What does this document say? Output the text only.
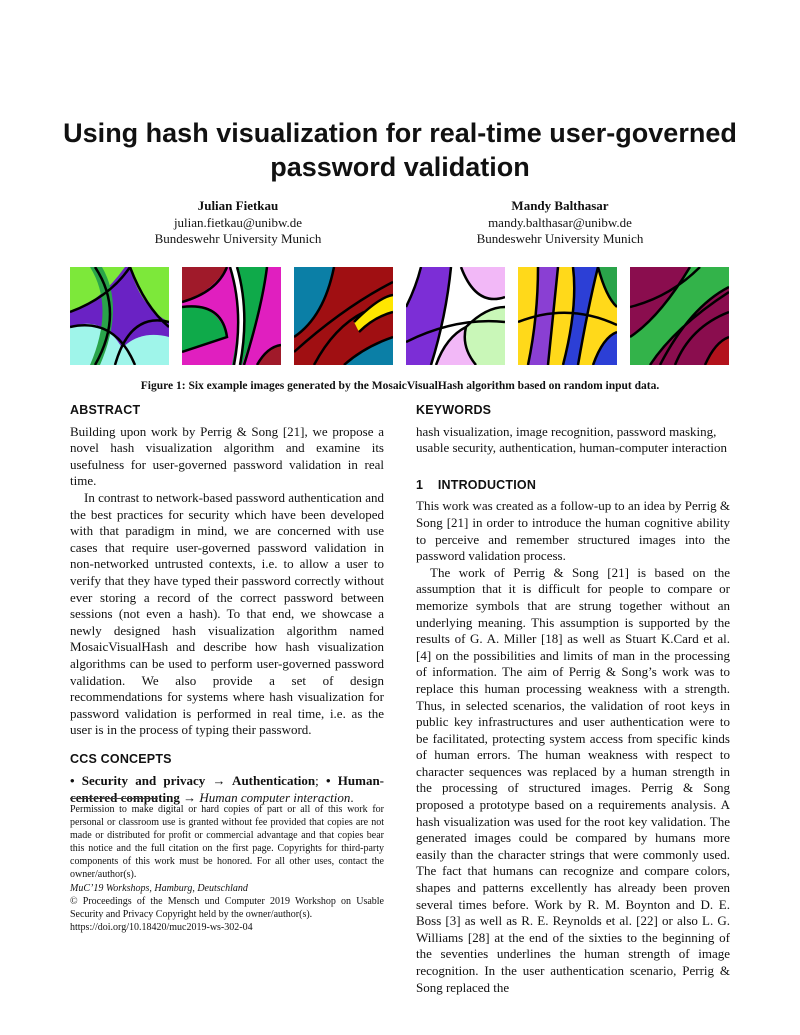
Using hash visualization for real-time user-governed
password validation
Julian Fietkau
julian.fietkau@unibw.de
Bundeswehr University Munich
Mandy Balthasar
mandy.balthasar@unibw.de
Bundeswehr University Munich
Figure 1: Six example images generated by the MosaicVisualHash algorithm based on random input data.
ABSTRACT

Building upon work by Perrig & Song [21], we propose a novel hash visualization algorithm and examine its usefulness for user-governed password validation in real time.

In contrast to network-based password authentication and the best practices for security which have been developed with that paradigm in mind, we are concerned with use cases that require user-governed password validation in non-networked untrusted contexts, i.e. to allow a user to verify that they have typed their password correctly without ever storing a record of the correct password between sessions (not even a hash). To that end, we showcase a newly designed hash visualization algorithm named MosaicVisualHash and describe how hash visualization algorithms can be used to perform user-governed password validation. We also provide a set of design recommendations for systems where hash visualization for password validation is performed in real time, i.e. as the user is in the process of typing their password.

CCS CONCEPTS

• Security and privacy → Authentication; • Human-centered computing → Human computer interaction.

Permission to make digital or hard copies of part or all of this work for personal or classroom use is granted without fee provided that copies are not made or distributed for profit or commercial advantage and that copies bear this notice and the full citation on the first page. Copyrights for third-party components of this work must be honored. For all other uses, contact the owner/author(s).

MuC’19 Workshops, Hamburg, Deutschland

© Proceedings of the Mensch und Computer 2019 Workshop on Usable Security and Privacy Copyright held by the owner/author(s).

https://doi.org/10.18420/muc2019-ws-302-04

KEYWORDS

hash visualization, image recognition, password masking, usable security, authentication, human-computer interaction

1    INTRODUCTION

This work was created as a follow-up to an idea by Perrig & Song [21] in order to introduce the human cognitive ability to perceive and remember structured images into the password validation process.

The work of Perrig & Song [21] is based on the assumption that it is difficult for people to compare or memorize symbols that are strung together without an underlying meaning. This assumption is supported by the results of G. A. Miller [18] as well as Stuart K.Card et al. [4] on the possibilities and limits of man in the processing of information. The aim of Perrig & Song’s work was to replace this human processing weakness with a strength. Thus, in selected scenarios, the validation of root keys in public key infrastructures and user authentication were to be facilitated, protecting system access from specific kinds of human errors. The human weakness with respect to character sequences was replaced by a human strength in the processing of structured images. Perrig & Song proposed a prototype based on a requirements analysis. A hash visualization was used for the root key validation. The generated images could be compared by humans more easily than the character strings that were commonly used. The fact that humans can recognize and compare colors, shapes and patterns excellently has already been proven several times before. Work by R. M. Boynton and D. E. Boss [3] as well as R. E. Reynolds et al. [22] or also L. G. Williams [28] at the end of the sixties to the beginning of the seventies underlines the human strength of image recognition. In the user authentication scenario, Perrig & Song replaced the
